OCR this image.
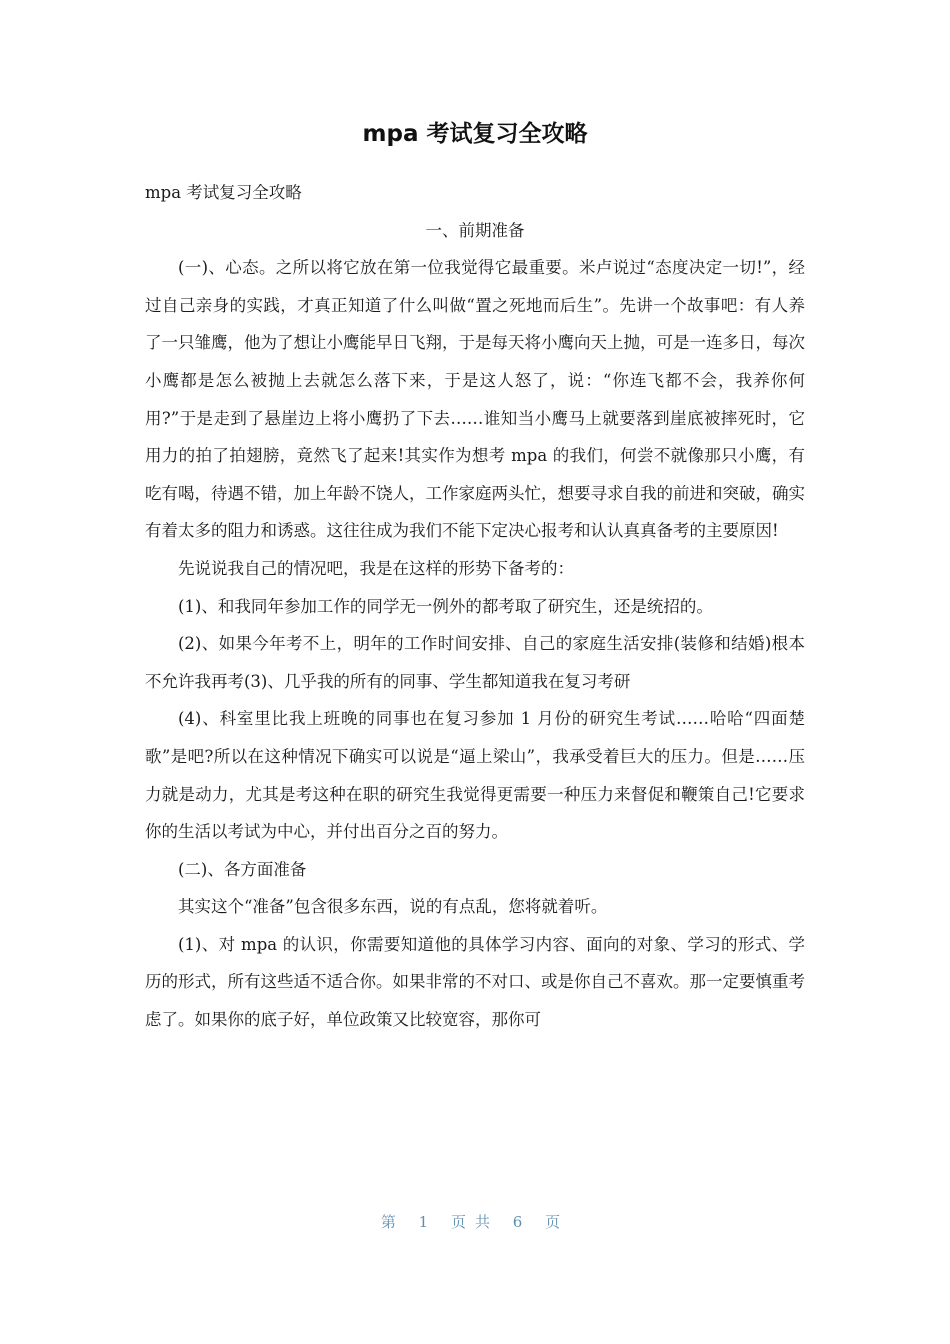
mpa 考试复习全攻略

mpa 考试复习全攻略

一、前期准备

(一)、心态。之所以将它放在第一位我觉得它最重要。米卢说过“态度决定一切!”，经过自己亲身的实践，才真正知道了什么叫做“置之死地而后生”。先讲一个故事吧：有人养了一只雏鹰，他为了想让小鹰能早日飞翔，于是每天将小鹰向天上抛，可是一连多日，每次小鹰都是怎么被抛上去就怎么落下来，于是这人怒了，说：“你连飞都不会，我养你何用?”于是走到了悬崖边上将小鹰扔了下去……谁知当小鹰马上就要落到崖底被摔死时，它用力的拍了拍翅膀，竟然飞了起来!其实作为想考 mpa 的我们，何尝不就像那只小鹰，有吃有喝，待遇不错，加上年龄不饶人，工作家庭两头忙，想要寻求自我的前进和突破，确实有着太多的阻力和诱惑。这往往成为我们不能下定决心报考和认认真真备考的主要原因!

先说说我自己的情况吧，我是在这样的形势下备考的：

(1)、和我同年参加工作的同学无一例外的都考取了研究生，还是统招的。

(2)、如果今年考不上，明年的工作时间安排、自己的家庭生活安排(装修和结婚)根本不允许我再考(3)、几乎我的所有的同事、学生都知道我在复习考研

(4)、科室里比我上班晚的同事也在复习参加 1 月份的研究生考试……哈哈“四面楚歌”是吧?所以在这种情况下确实可以说是“逼上梁山”，我承受着巨大的压力。但是……压力就是动力，尤其是考这种在职的研究生我觉得更需要一种压力来督促和鞭策自己!它要求你的生活以考试为中心，并付出百分之百的努力。

(二)、各方面准备

其实这个“准备”包含很多东西，说的有点乱，您将就着听。

(1)、对 mpa 的认识，你需要知道他的具体学习内容、面向的对象、学习的形式、学历的形式，所有这些适不适合你。如果非常的不对口、或是你自己不喜欢。那一定要慎重考虑了。如果你的底子好，单位政策又比较宽容，那你可

第 1 页共 6 页
